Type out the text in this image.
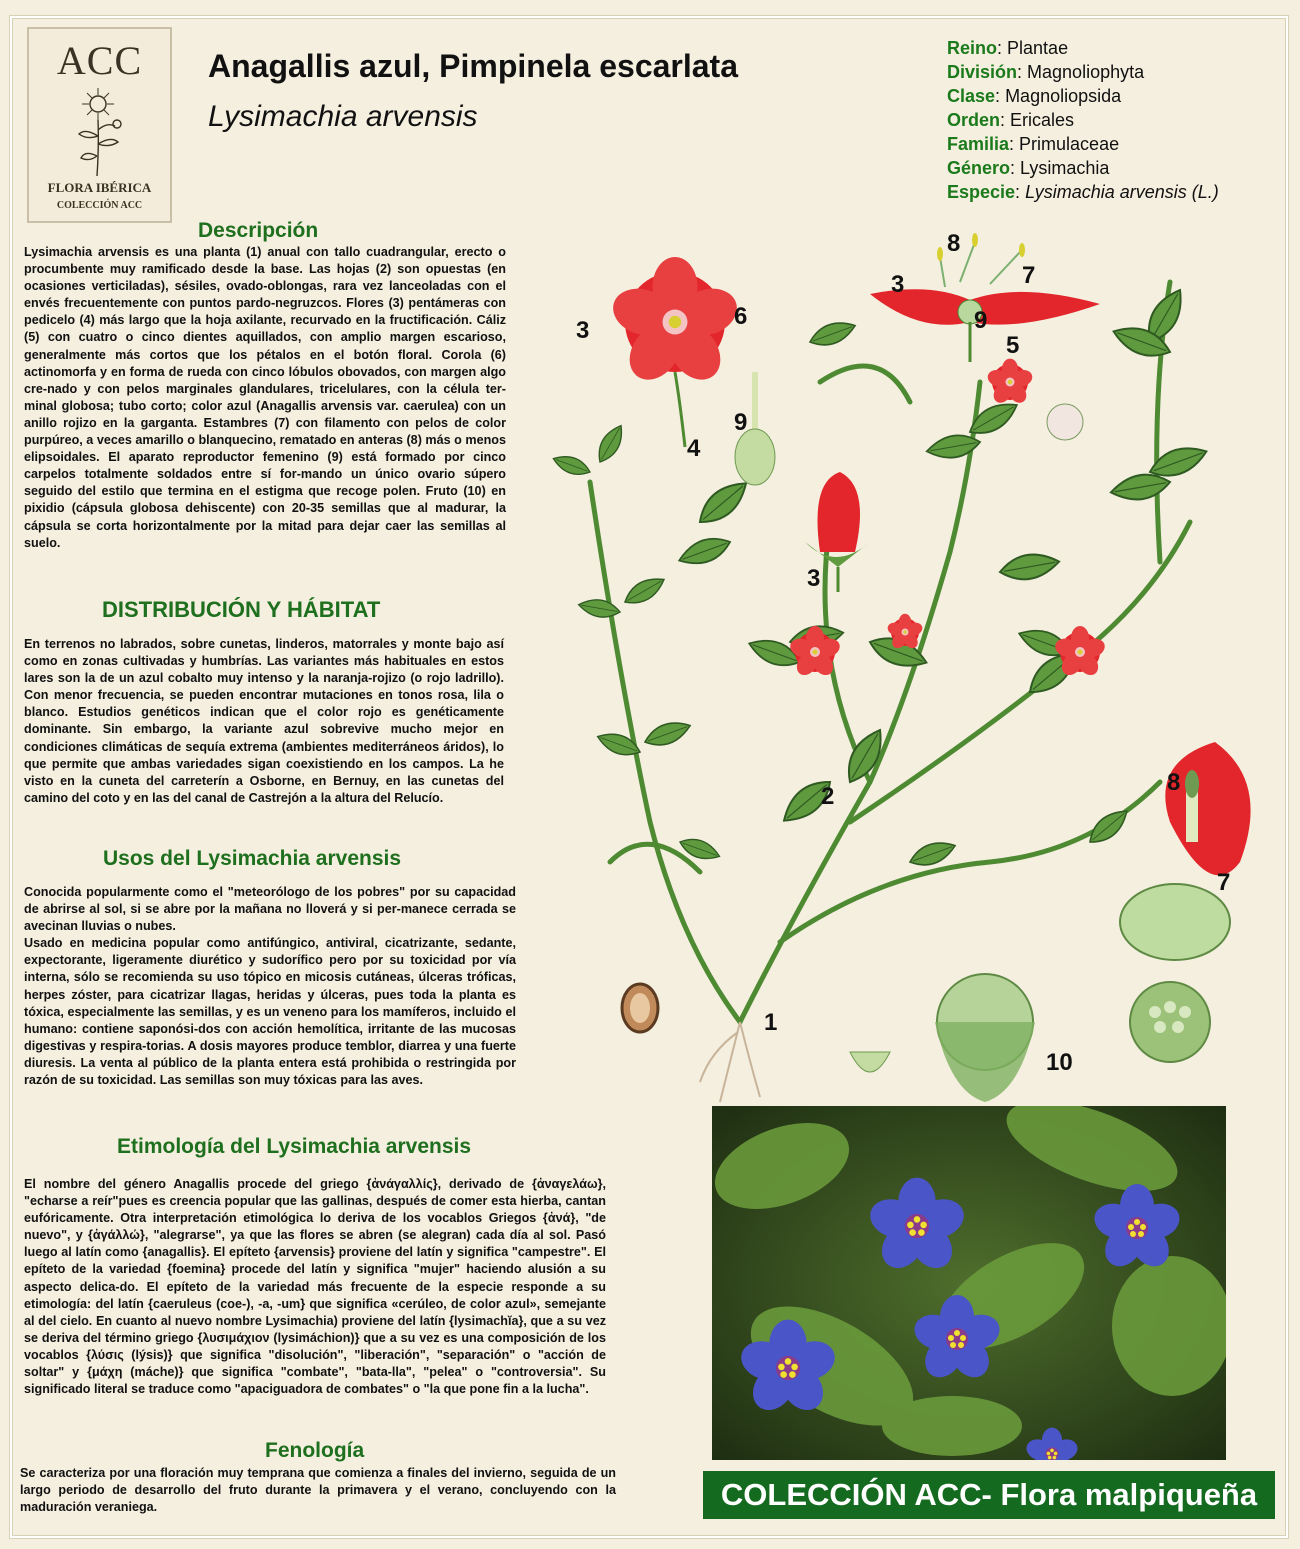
ACC
FLORA IBÉRICA
COLECCIÓN ACC
Anagallis azul, Pimpinela escarlata
Lysimachia arvensis
Reino: Plantae
División: Magnoliophyta
Clase: Magnoliopsida
Orden: Ericales
Familia: Primulaceae
Género: Lysimachia
Especie: Lysimachia arvensis (L.)
Descripción

Lysimachia arvensis es una planta (1) anual con tallo cuadrangular, erecto o procumbente muy ramificado desde la base. Las hojas (2) son opuestas (en ocasiones verticiladas), sésiles, ovado-oblongas, rara vez lanceoladas con el envés frecuentemente con puntos pardo-negruzcos. Flores (3) pentámeras con pedicelo (4) más largo que la hoja axilante, recurvado en la fructificación. Cáliz (5) con cuatro o cinco dientes aquillados, con amplio margen escarioso, generalmente más cortos que los pétalos en el botón floral. Corola (6) actinomorfa y en forma de rueda con cinco lóbulos obovados, con margen algo cre-nado y con pelos marginales glandulares, tricelulares, con la célula ter-minal globosa; tubo corto; color azul (Anagallis arvensis var. caerulea) con un anillo rojizo en la garganta. Estambres (7) con filamento con pelos de color purpúreo, a veces amarillo o blanquecino, rematado en anteras (8) más o menos elipsoidales. El aparato reproductor femenino (9) está formado por cinco carpelos totalmente soldados entre sí for-mando un único ovario súpero seguido del estilo que termina en el estigma que recoge polen. Fruto (10) en pixidio (cápsula globosa dehiscente) con 20-35 semillas que al madurar, la cápsula se corta horizontalmente por la mitad para dejar caer las semillas al suelo.

DISTRIBUCIÓN Y HÁBITAT

En terrenos no labrados, sobre cunetas, linderos, matorrales y monte bajo así como en zonas cultivadas y humbrías. Las variantes más habituales en estos lares son la de un azul cobalto muy intenso y la naranja-rojizo (o rojo ladrillo). Con menor frecuencia, se pueden encontrar mutaciones en tonos rosa, lila o blanco. Estudios genéticos indican que el color rojo es genéticamente dominante. Sin embargo, la variante azul sobrevive mucho mejor en condiciones climáticas de sequía extrema (ambientes mediterráneos áridos), lo que permite que ambas variedades sigan coexistiendo en los campos. La he visto en la cuneta del carreterín a Osborne, en Bernuy, en las cunetas del camino del coto y en las del canal de Castrejón a la altura del Relucío.

Usos del Lysimachia arvensis

Conocida popularmente como el "meteorólogo de los pobres" por su capacidad de abrirse al sol, si se abre por la mañana no lloverá y si per-manece cerrada se avecinan lluvias o nubes.

Usado en medicina popular como antifúngico, antiviral, cicatrizante, sedante, expectorante, ligeramente diurético y sudorífico pero por su toxicidad por vía interna, sólo se recomienda su uso tópico en micosis cutáneas, úlceras tróficas, herpes zóster, para cicatrizar llagas, heridas y úlceras, pues toda la planta es tóxica, especialmente las semillas, y es un veneno para los mamíferos, incluido el humano: contiene saponósi-dos con acción hemolítica, irritante de las mucosas digestivas y respira-torias. A dosis mayores produce temblor, diarrea y una fuerte diuresis. La venta al público de la planta entera está prohibida o restringida por razón de su toxicidad. Las semillas son muy tóxicas para las aves.

Etimología del Lysimachia arvensis

El nombre del género Anagallis procede del griego {ἀνάγαλλίς}, derivado de {ἀναγελάω}, "echarse a reír"pues es creencia popular que las gallinas, después de comer esta hierba, cantan eufóricamente. Otra interpretación etimológica lo deriva de los vocablos Griegos {ἀνά}, "de nuevo", y {ἀγάλλώ}, "alegrarse", ya que las flores se abren (se alegran) cada día al sol. Pasó luego al latín como {anagallis}. El epíteto {arvensis} proviene del latín y significa "campestre". El epíteto de la variedad {foemina} procede del latín y significa "mujer" haciendo alusión a su aspecto delica-do. El epíteto de la variedad más frecuente de la especie responde a su etimología: del latín {caeruleus (coe-), -a, -um} que significa «cerúleo, de color azul», semejante al del cielo. En cuanto al nuevo nombre Lysimachia) proviene del latín {lysimachĭa}, que a su vez se deriva del término griego {λυσιμάχιον (lysimáchion)} que a su vez es una composición de los vocablos {λύσις (lýsis)} que significa "disolución", "liberación", "separación" o "acción de soltar" y {μάχη (máche)} que significa "combate", "bata-lla", "pelea" o "controversia". Su significado literal se traduce como "apaciguadora de combates" o "la que pone fin a la lucha".

Fenología

Se caracteriza por una floración muy temprana que comienza a finales del invierno, seguida de un largo periodo de desarrollo del fruto durante la primavera y el verano, concluyendo con la maduración veraniega.

8
7
3
9
5
3
6
9
4
3
2
8
7
1
10
COLECCIÓN ACC- Flora malpiqueña
